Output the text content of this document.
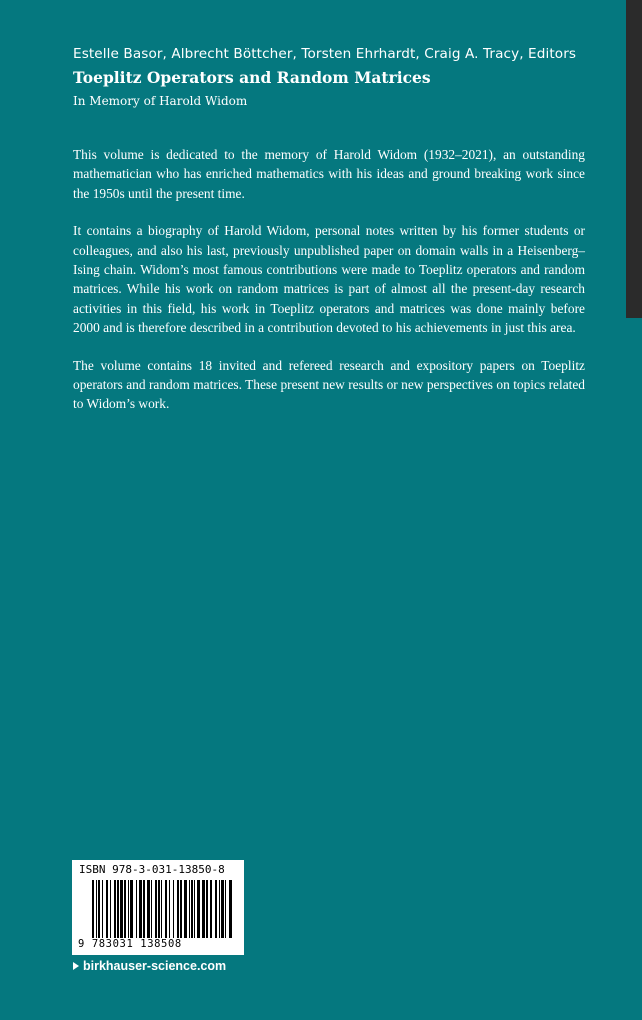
Estelle Basor, Albrecht Böttcher, Torsten Ehrhardt, Craig A. Tracy, Editors
Toeplitz Operators and Random Matrices
In Memory of Harold Widom

This volume is dedicated to the memory of Harold Widom (1932–2021), an outstanding mathematician who has enriched mathematics with his ideas and ground breaking work since the 1950s until the present time.

It contains a biography of Harold Widom, personal notes written by his former students or colleagues, and also his last, previously unpublished paper on domain walls in a Heisenberg–Ising chain. Widom’s most famous contributions were made to Toeplitz operators and random matrices. While his work on random matrices is part of almost all the present-day research activities in this field, his work in Toeplitz operators and matrices was done mainly before 2000 and is therefore described in a contribution devoted to his achievements in just this area.

The volume contains 18 invited and refereed research and expository papers on Toeplitz operators and random matrices. These present new results or new perspectives on topics related to Widom’s work.

ISBN 978-3-031-13850-8
9 783031 138508
birkhauser-science.com
